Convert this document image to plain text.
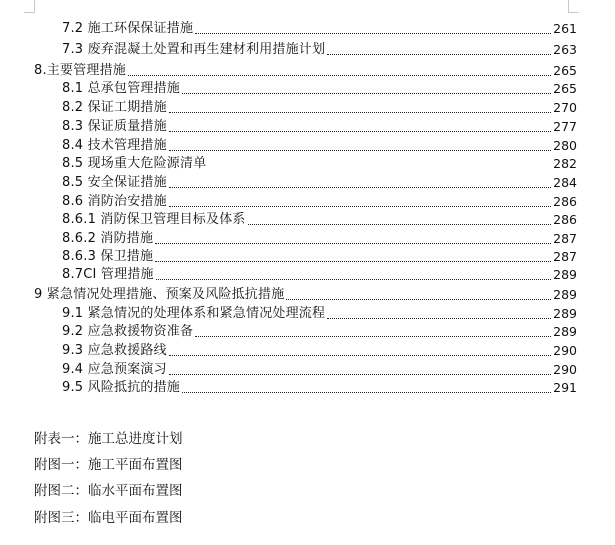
7.2 施工环保保证措施	261
7.3 废弃混凝土处置和再生建材利用措施计划	263
8.主要管理措施	265
8.1 总承包管理措施	265
8.2 保证工期措施	270
8.3 保证质量措施	277
8.4 技术管理措施	280
8.5 现场重大危险源清单	282
8.5 安全保证措施	284
8.6 消防治安措施	286
8.6.1 消防保卫管理目标及体系	286
8.6.2 消防措施	287
8.6.3 保卫措施	287
8.7CI 管理措施	289
9 紧急情况处理措施、预案及风险抵抗措施	289
9.1 紧急情况的处理体系和紧急情况处理流程	289
9.2 应急救援物资准备	289
9.3 应急救援路线	290
9.4 应急预案演习	290
9.5 风险抵抗的措施	291
附表一：施工总进度计划
附图一：施工平面布置图
附图二：临水平面布置图
附图三：临电平面布置图
